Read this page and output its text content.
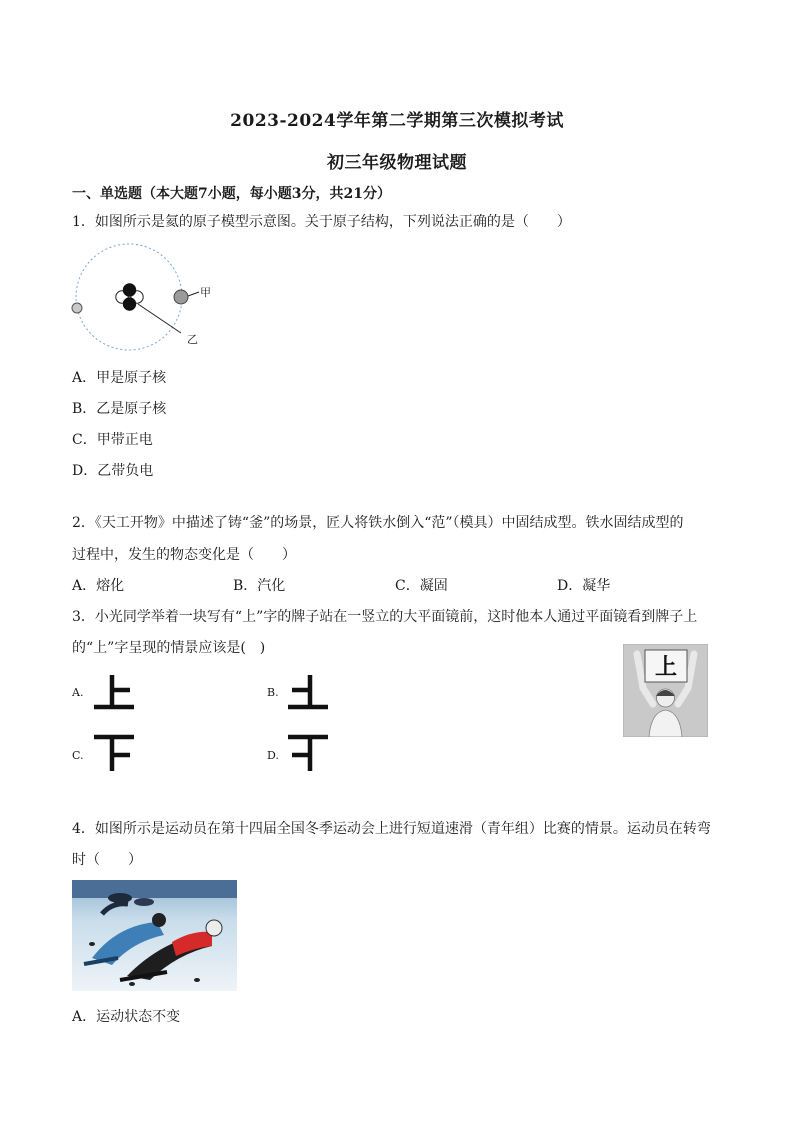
2023-2024学年第二学期第三次模拟考试
初三年级物理试题
一、单选题（本大题7小题，每小题3分，共21分）
1．如图所示是氦的原子模型示意图。关于原子结构，下列说法正确的是（　　）
甲
乙
A．甲是原子核
B．乙是原子核
C．甲带正电
D．乙带负电
2．《天工开物》中描述了铸“釜”的场景，匠人将铁水倒入“范”（模具）中固结成型。铁水固结成型的
过程中，发生的物态变化是（　　）
A．熔化	B．汽化	C．凝固	D．凝华
3．小光同学举着一块写有“上”字的牌子站在一竖立的大平面镜前，这时他本人通过平面镜看到牌子上
的“上”字呈现的情景应该是(　)
A.	B.
C.	D.
上
4．如图所示是运动员在第十四届全国冬季运动会上进行短道速滑（青年组）比赛的情景。运动员在转弯
时（　　）
A．运动状态不变
